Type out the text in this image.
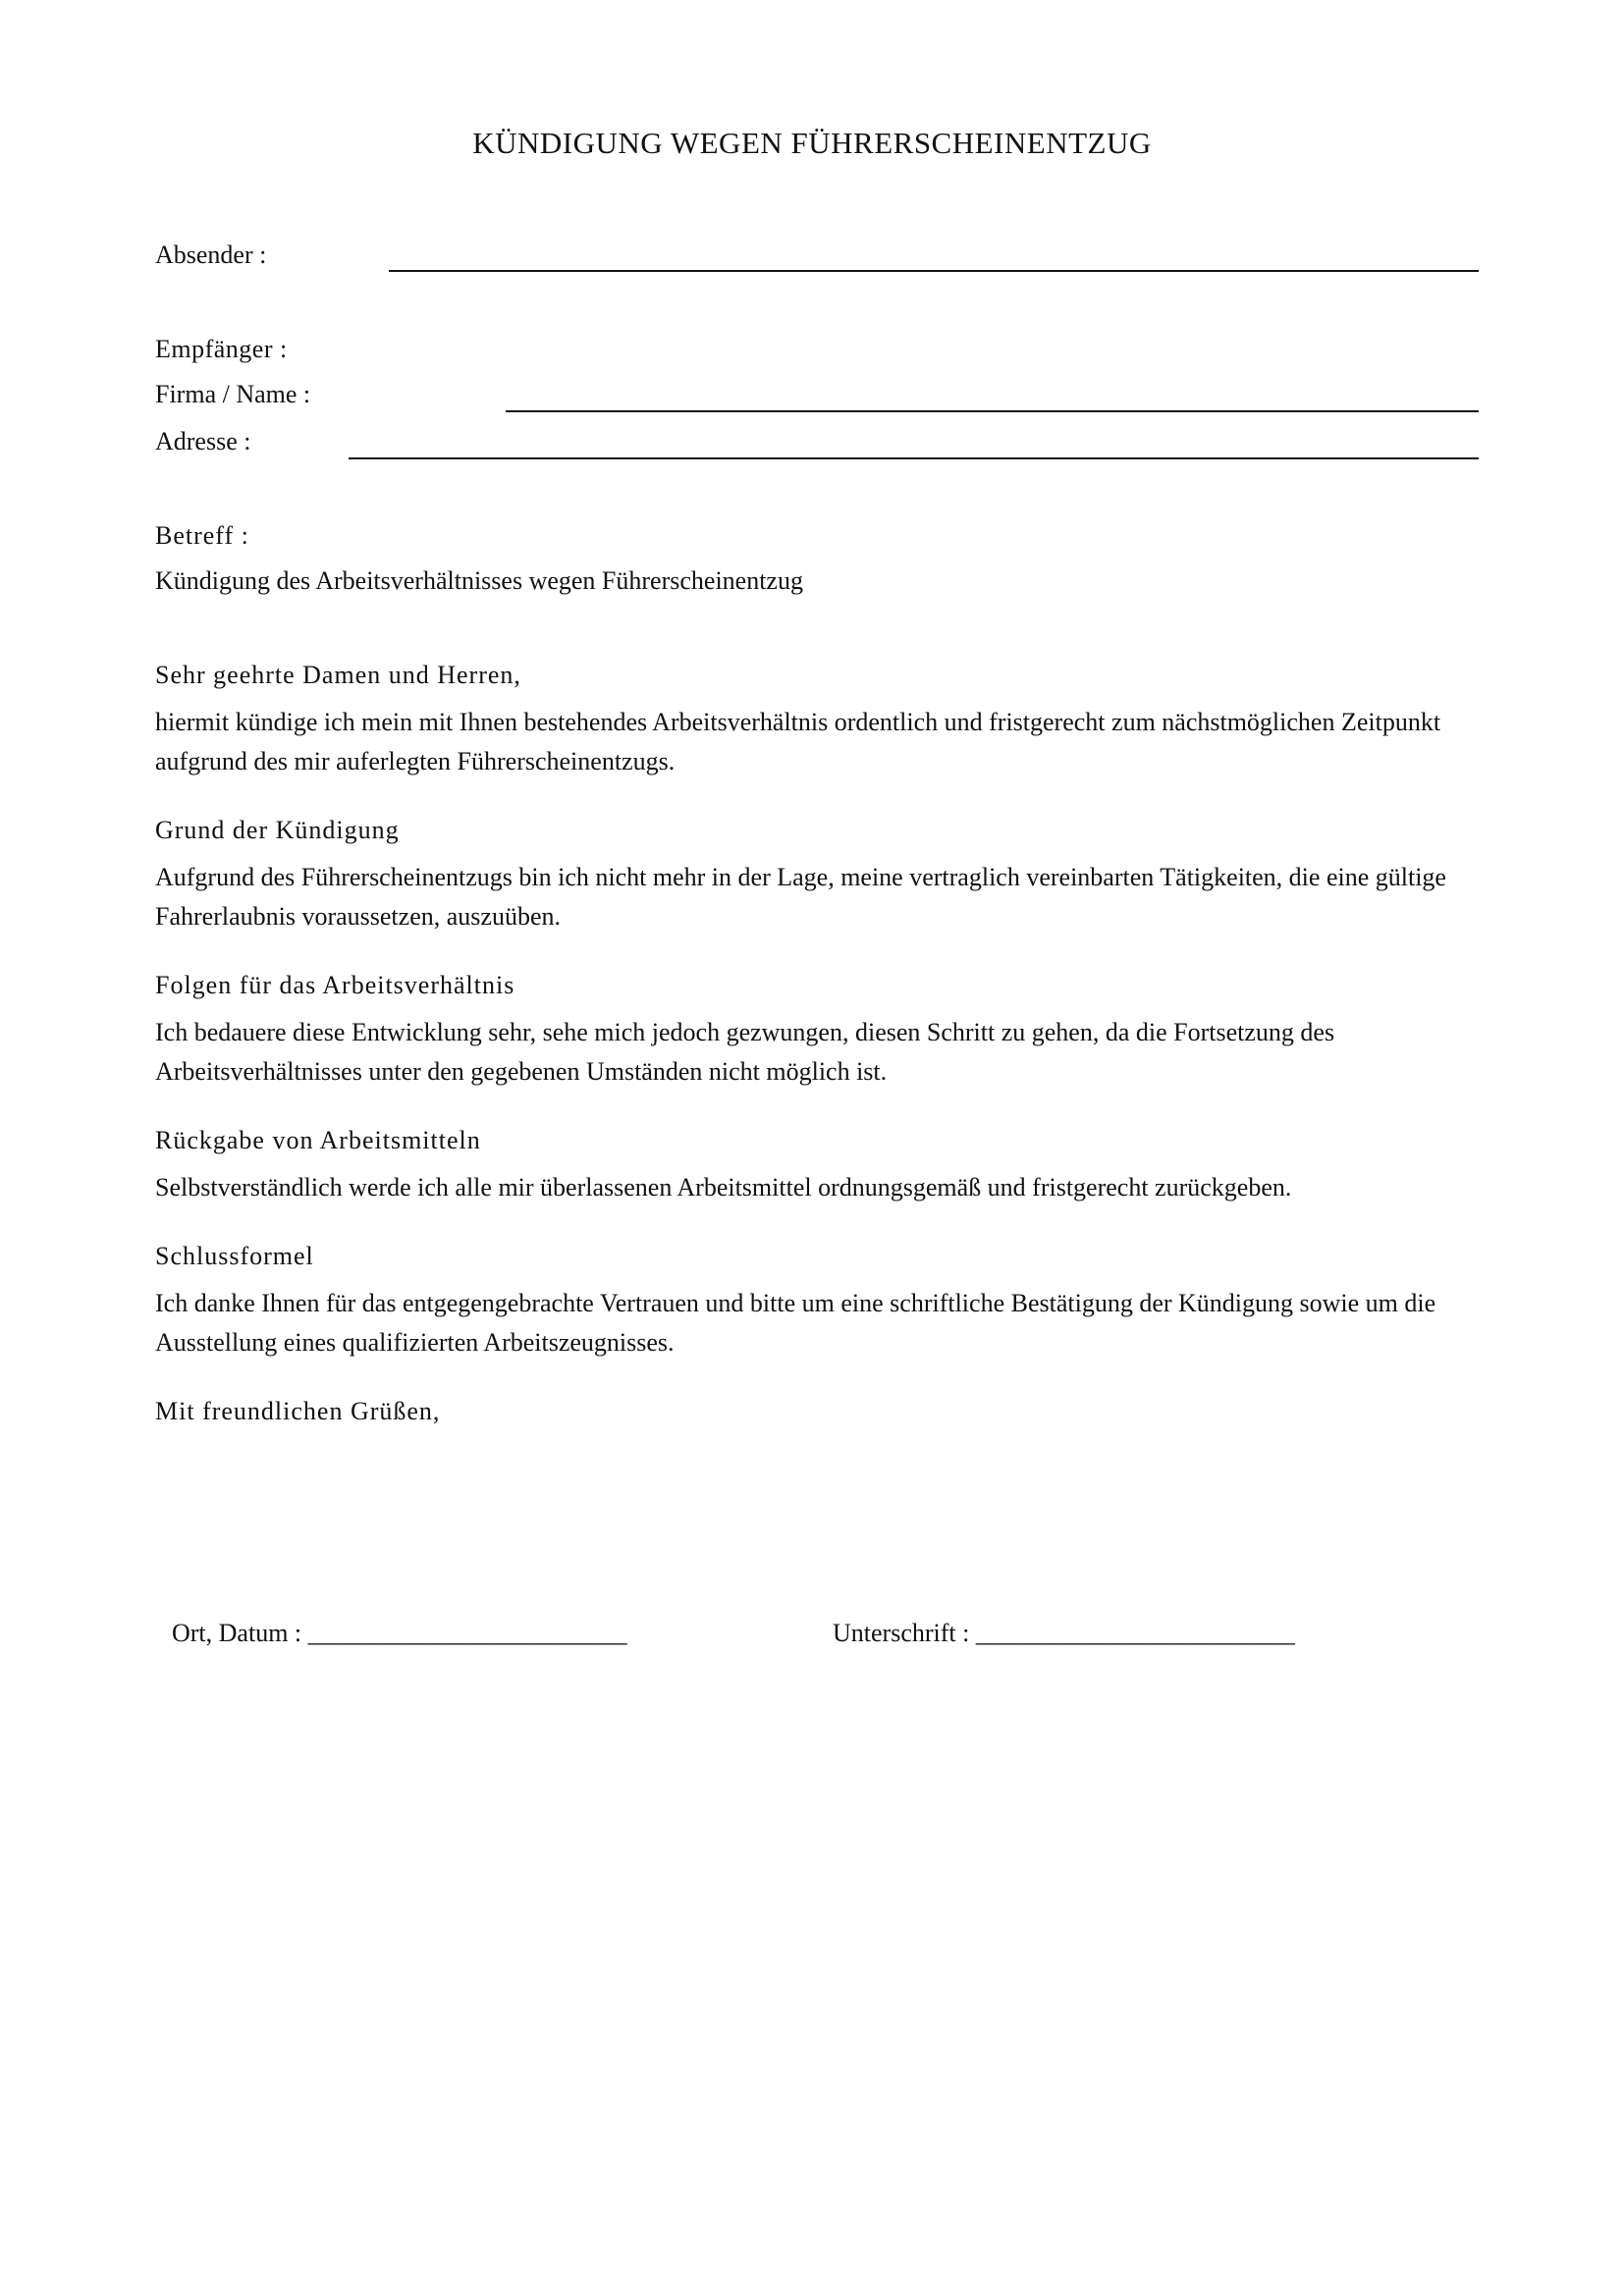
KÜNDIGUNG WEGEN FÜHRERSCHEINENTZUG
Absender :
Empfänger :
Firma / Name :
Adresse :
Betreff :
Kündigung des Arbeitsverhältnisses wegen Führerscheinentzug
Sehr geehrte Damen und Herren,
hiermit kündige ich mein mit Ihnen bestehendes Arbeitsverhältnis ordentlich und fristgerecht zum nächstmöglichen Zeitpunkt aufgrund des mir auferlegten Führerscheinentzugs.
Grund der Kündigung
Aufgrund des Führerscheinentzugs bin ich nicht mehr in der Lage, meine vertraglich vereinbarten Tätigkeiten, die eine gültige Fahrerlaubnis voraussetzen, auszuüben.
Folgen für das Arbeitsverhältnis
Ich bedauere diese Entwicklung sehr, sehe mich jedoch gezwungen, diesen Schritt zu gehen, da die Fortsetzung des Arbeitsverhältnisses unter den gegebenen Umständen nicht möglich ist.
Rückgabe von Arbeitsmitteln
Selbstverständlich werde ich alle mir überlassenen Arbeitsmittel ordnungsgemäß und fristgerecht zurückgeben.
Schlussformel
Ich danke Ihnen für das entgegengebrachte Vertrauen und bitte um eine schriftliche Bestätigung der Kündigung sowie um die Ausstellung eines qualifizierten Arbeitszeugnisses.
Mit freundlichen Grüßen,
Ort, Datum : _________________________	Unterschrift : _________________________
